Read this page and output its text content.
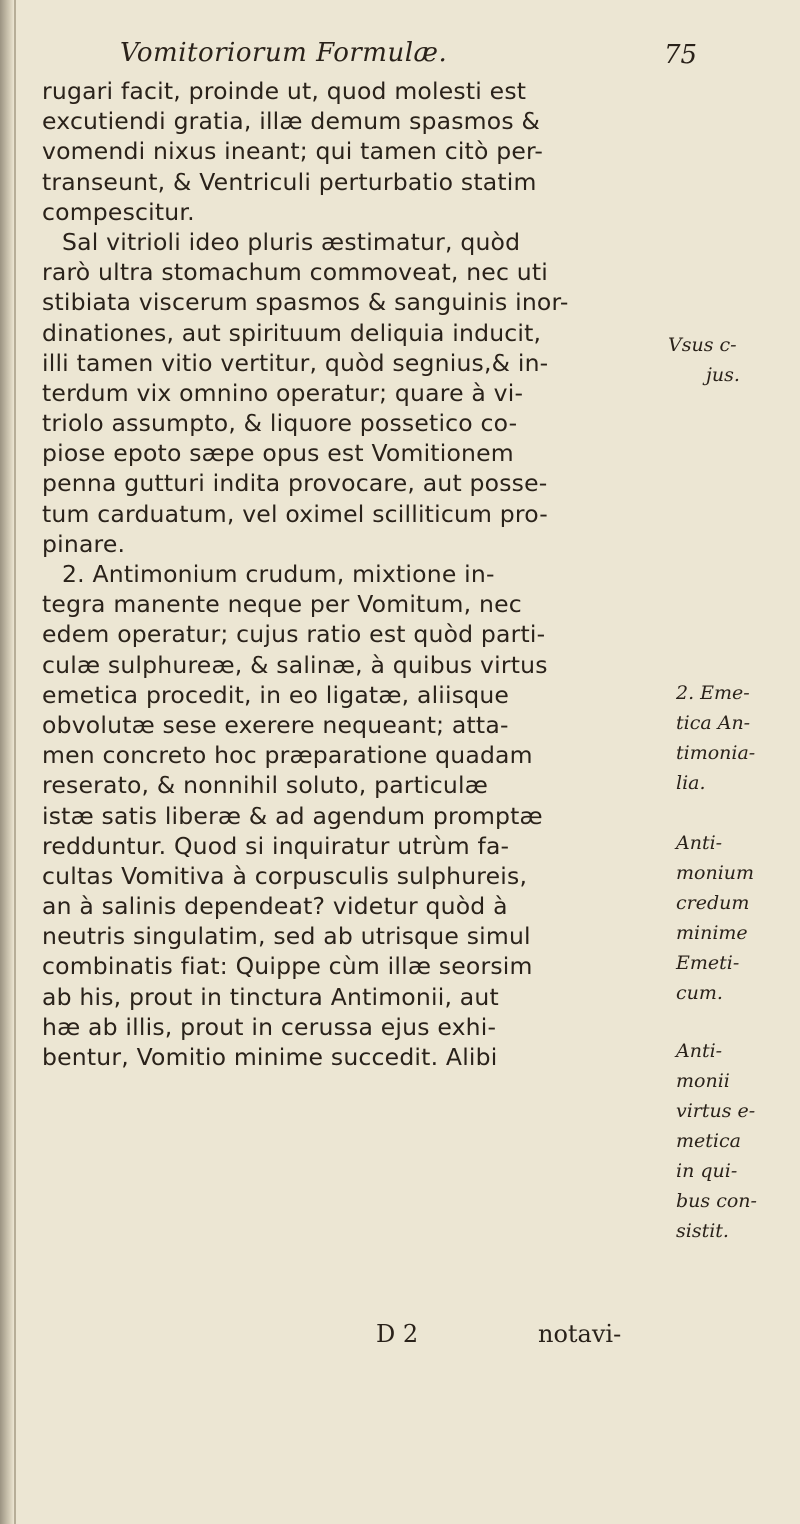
Vomitoriorum Formulæ.	75
rugari facit, proinde ut, quod molesti est
excutiendi gratia, illæ demum spasmos &
vomendi nixus ineant; qui tamen citò per-
transeunt, & Ventriculi perturbatio statim
compescitur.
Sal vitrioli ideo pluris æstimatur, quòd
rarò ultra stomachum commoveat, nec uti
stibiata viscerum spasmos & sanguinis inor-
dinationes, aut spirituum deliquia inducit,
illi tamen vitio vertitur, quòd segnius,& in-
terdum vix omnino operatur; quare à vi-
triolo assumpto, & liquore possetico co-
piose epoto sæpe opus est Vomitionem
penna gutturi indita provocare, aut posse-
tum carduatum, vel oximel scilliticum pro-
pinare.
2. Antimonium crudum, mixtione in-
tegra manente neque per Vomitum, nec
edem operatur; cujus ratio est quòd parti-
culæ sulphureæ, & salinæ, à quibus virtus
emetica procedit, in eo ligatæ, aliisque
obvolutæ sese exerere nequeant; atta-
men concreto hoc præparatione quadam
reserato, & nonnihil soluto, particulæ
istæ satis liberæ & ad agendum promptæ
redduntur. Quod si inquiratur utrùm fa-
cultas Vomitiva à corpusculis sulphureis,
an à salinis dependeat? videtur quòd à
neutris singulatim, sed ab utrisque simul
combinatis fiat: Quippe cùm illæ seorsim
ab his, prout in tinctura Antimonii, aut
hæ ab illis, prout in cerussa ejus exhi-
bentur, Vomitio minime succedit. Alibi
Vsus c-
jus.
2. Eme-
tica An-
timonia-
lia.
Anti-
monium
credum
minime
Emeti-
cum.
Anti-
monii
virtus e-
metica
in qui-
bus con-
sistit.
D 2	notavi-
